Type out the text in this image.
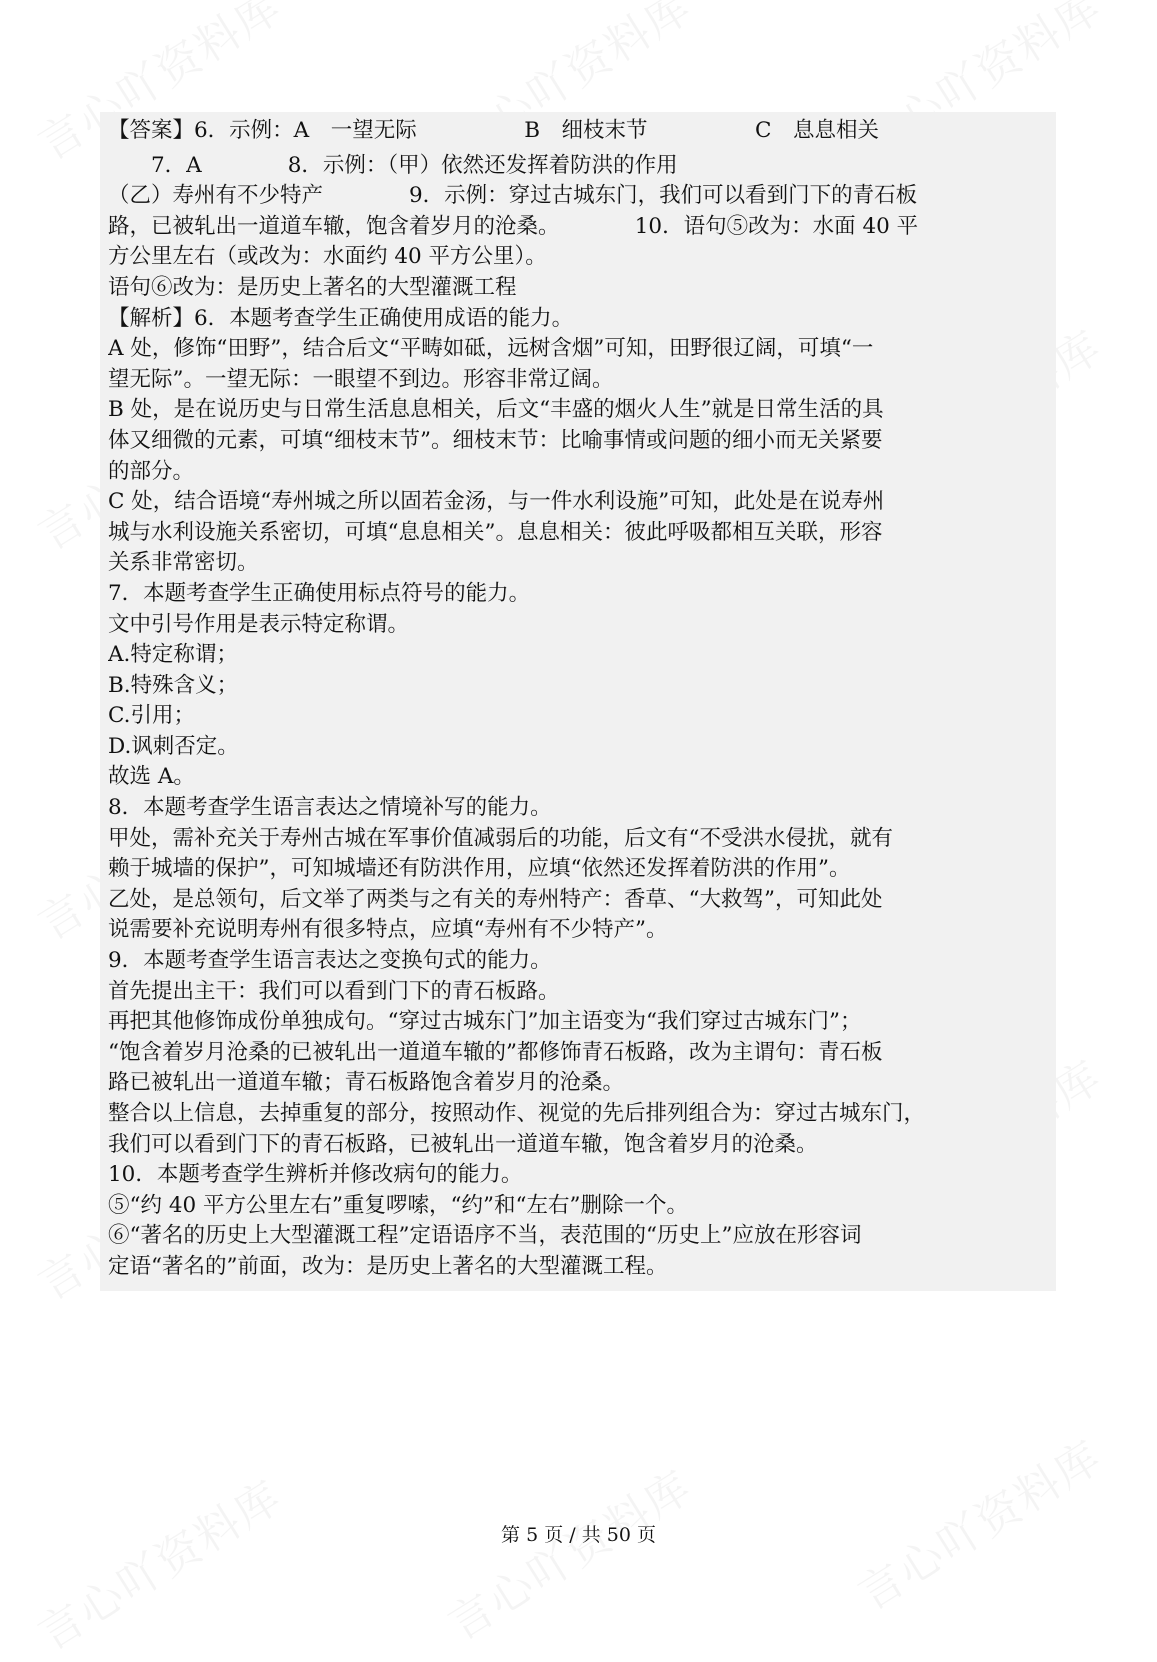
【答案】6．示例：A　一望无际　　　　　B　细枝末节　　　　　C　息息相关
　　7．A　　　　8．示例：（甲）依然还发挥着防洪的作用
（乙）寿州有不少特产　　　　9．示例：穿过古城东门，我们可以看到门下的青石板
路，已被轧出一道道车辙，饱含着岁月的沧桑。　　　　10．语句⑤改为：水面 40 平
方公里左右（或改为：水面约 40 平方公里）。
语句⑥改为：是历史上著名的大型灌溉工程
【解析】6．本题考查学生正确使用成语的能力。
A 处，修饰“田野”，结合后文“平畴如砥，远树含烟”可知，田野很辽阔，可填“一
望无际”。一望无际：一眼望不到边。形容非常辽阔。
B 处，是在说历史与日常生活息息相关，后文“丰盛的烟火人生”就是日常生活的具
体又细微的元素，可填“细枝末节”。细枝末节：比喻事情或问题的细小而无关紧要
的部分。
C 处，结合语境“寿州城之所以固若金汤，与一件水利设施”可知，此处是在说寿州
城与水利设施关系密切，可填“息息相关”。息息相关：彼此呼吸都相互关联，形容
关系非常密切。
7．本题考查学生正确使用标点符号的能力。
文中引号作用是表示特定称谓。
A.特定称谓；
B.特殊含义；
C.引用；
D.讽刺否定。
故选 A。
8．本题考查学生语言表达之情境补写的能力。
甲处，需补充关于寿州古城在军事价值减弱后的功能，后文有“不受洪水侵扰，就有
赖于城墙的保护”，可知城墙还有防洪作用，应填“依然还发挥着防洪的作用”。
乙处，是总领句，后文举了两类与之有关的寿州特产：香草、“大救驾”，可知此处
说需要补充说明寿州有很多特点，应填“寿州有不少特产”。
9．本题考查学生语言表达之变换句式的能力。
首先提出主干：我们可以看到门下的青石板路。
再把其他修饰成份单独成句。“穿过古城东门”加主语变为“我们穿过古城东门”；
“饱含着岁月沧桑的已被轧出一道道车辙的”都修饰青石板路，改为主谓句：青石板
路已被轧出一道道车辙；青石板路饱含着岁月的沧桑。
整合以上信息，去掉重复的部分，按照动作、视觉的先后排列组合为：穿过古城东门，
我们可以看到门下的青石板路，已被轧出一道道车辙，饱含着岁月的沧桑。
10．本题考查学生辨析并修改病句的能力。
⑤“约 40 平方公里左右”重复啰嗦，“约”和“左右”删除一个。
⑥“著名的历史上大型灌溉工程”定语语序不当，表范围的“历史上”应放在形容词
定语“著名的”前面，改为：是历史上著名的大型灌溉工程。
第 5 页 / 共 50 页
